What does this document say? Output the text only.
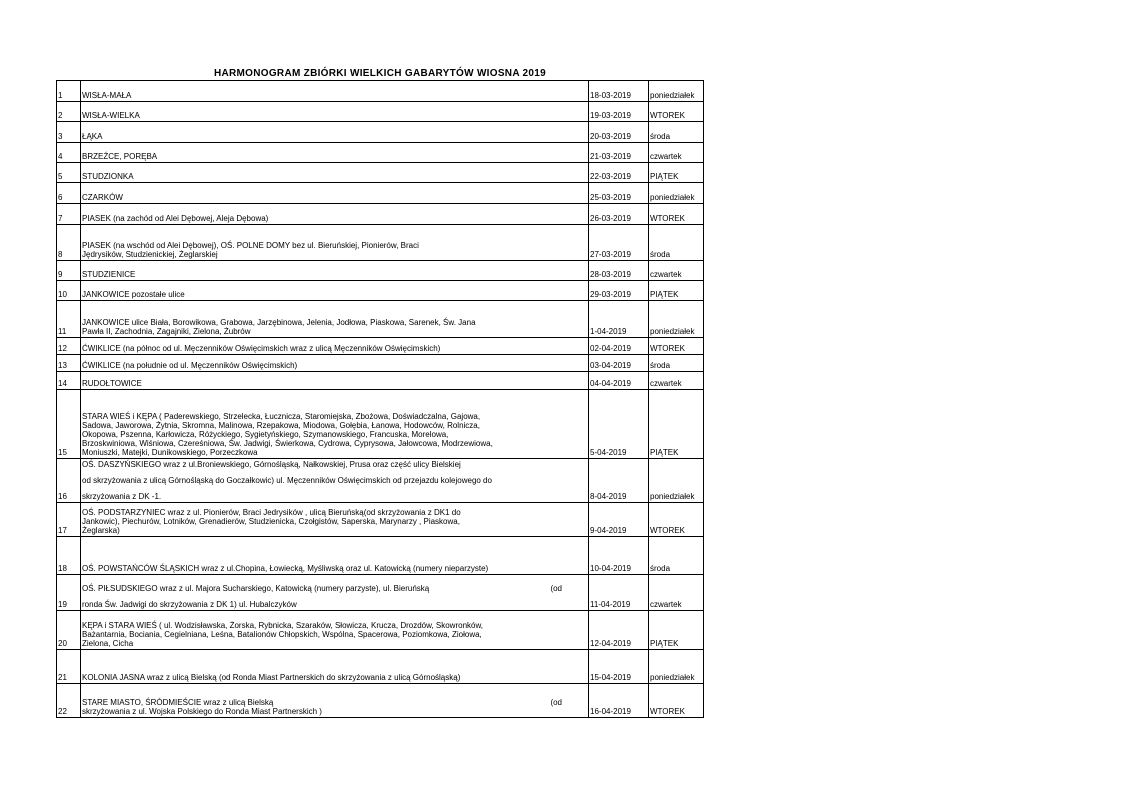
HARMONOGRAM ZBIÓRKI WIELKICH GABARYTÓW WIOSNA 2019
1	WISŁA-MAŁA	18-03-2019	poniedziałek
2	WISŁA-WIELKA	19-03-2019	WTOREK
3	ŁĄKA	20-03-2019	środa
4	BRZEŹCE, PORĘBA	21-03-2019	czwartek
5	STUDZIONKA	22-03-2019	PIĄTEK
6	CZARKÓW	25-03-2019	poniedziałek
7	PIASEK (na zachód od Alei Dębowej, Aleja Dębowa)	26-03-2019	WTOREK
8	PIASEK (na wschód od Alei Dębowej), OŚ. POLNE DOMY bez ul. Bieruńskiej, Pionierów, Braci
Jędrysików, Studzienickiej, Żeglarskiej	27-03-2019	środa
9	STUDZIENICE	28-03-2019	czwartek
10	JANKOWICE pozostałe ulice	29-03-2019	PIĄTEK
11	JANKOWICE ulice Biała, Borowikowa, Grabowa, Jarzębinowa, Jelenia, Jodłowa, Piaskowa, Sarenek, Św. Jana
Pawła II, Zachodnia, Zagajniki, Zielona, Żubrów	1-04-2019	poniedziałek
12	ĆWIKLICE (na północ od ul. Męczenników Oświęcimskich wraz z ulicą Męczenników Oświęcimskich)	02-04-2019	WTOREK
13	ĆWIKLICE (na południe od ul. Męczenników Oświęcimskich)	03-04-2019	środa
14	RUDOŁTOWICE	04-04-2019	czwartek
15	STARA WIEŚ i KĘPA ( Paderewskiego, Strzelecka, Łucznicza, Staromiejska, Zbożowa, Doświadczalna, Gajowa,
Sadowa, Jaworowa, Żytnia, Skromna, Malinowa, Rzepakowa, Miodowa, Gołębia, Łanowa, Hodowców, Rolnicza,
Okopowa, Pszenna, Karłowicza, Różyckiego, Sygietyńskiego, Szymanowskiego, Francuska, Morelowa,
Brzoskwiniowa, Wiśniowa, Czereśniowa, Św. Jadwigi, Świerkowa, Cydrowa, Cyprysowa, Jałowcowa, Modrzewiowa,
Moniuszki, Matejki, Dunikowskiego, Porzeczkowa	5-04-2019	PIĄTEK
16	OŚ. DASZYŃSKIEGO wraz z ul.Broniewskiego, Górnośląską, Nałkowskiej, Prusa oraz część ulicy Bielskiej
od skrzyżowania z ulicą Górnośląską do Goczałkowic) ul. Męczenników Oświęcimskich od przejazdu kolejowego do
skrzyżowania z DK -1.	8-04-2019	poniedziałek
17	OŚ. PODSTARZYNIEC wraz z ul. Pionierów, Braci Jedrysików , ulicą Bieruńską(od skrzyżowania z DK1 do
Jankowic), Piechurów, Lotników, Grenadierów, Studzienicka, Czołgistów, Saperska, Marynarzy , Piaskowa,
Żeglarska)	9-04-2019	WTOREK
18	OŚ. POWSTAŃCÓW ŚLĄSKICH wraz z ul.Chopina, Łowiecką, Myśliwską oraz ul. Katowicką (numery nieparzyste)	10-04-2019	środa
19	(od
OŚ. PIŁSUDSKIEGO wraz z ul. Majora Sucharskiego, Katowicką (numery parzyste), ul. Bieruńską
ronda Św. Jadwigi do skrzyżowania z DK 1) ul. Hubalczyków	11-04-2019	czwartek
20	KĘPA i STARA WIEŚ ( ul. Wodzisławska, Żorska, Rybnicka, Szaraków, Słowicza, Krucza, Drozdów, Skowronków,
Bażantarnia, Bociania, Cegielniana, Leśna, Batalionów Chłopskich, Wspólna, Spacerowa, Poziomkowa, Ziołowa,
Zielona, Cicha	12-04-2019	PIĄTEK
21	KOLONIA JASNA wraz z ulicą Bielską (od Ronda Miast Partnerskich do skrzyżowania z ulicą Górnośląską)	15-04-2019	poniedziałek
22	(od
STARE MIASTO, ŚRÓDMIEŚCIE wraz z ulicą Bielską
skrzyżowania z ul. Wojska Polskiego do Ronda Miast Partnerskich )	16-04-2019	WTOREK
